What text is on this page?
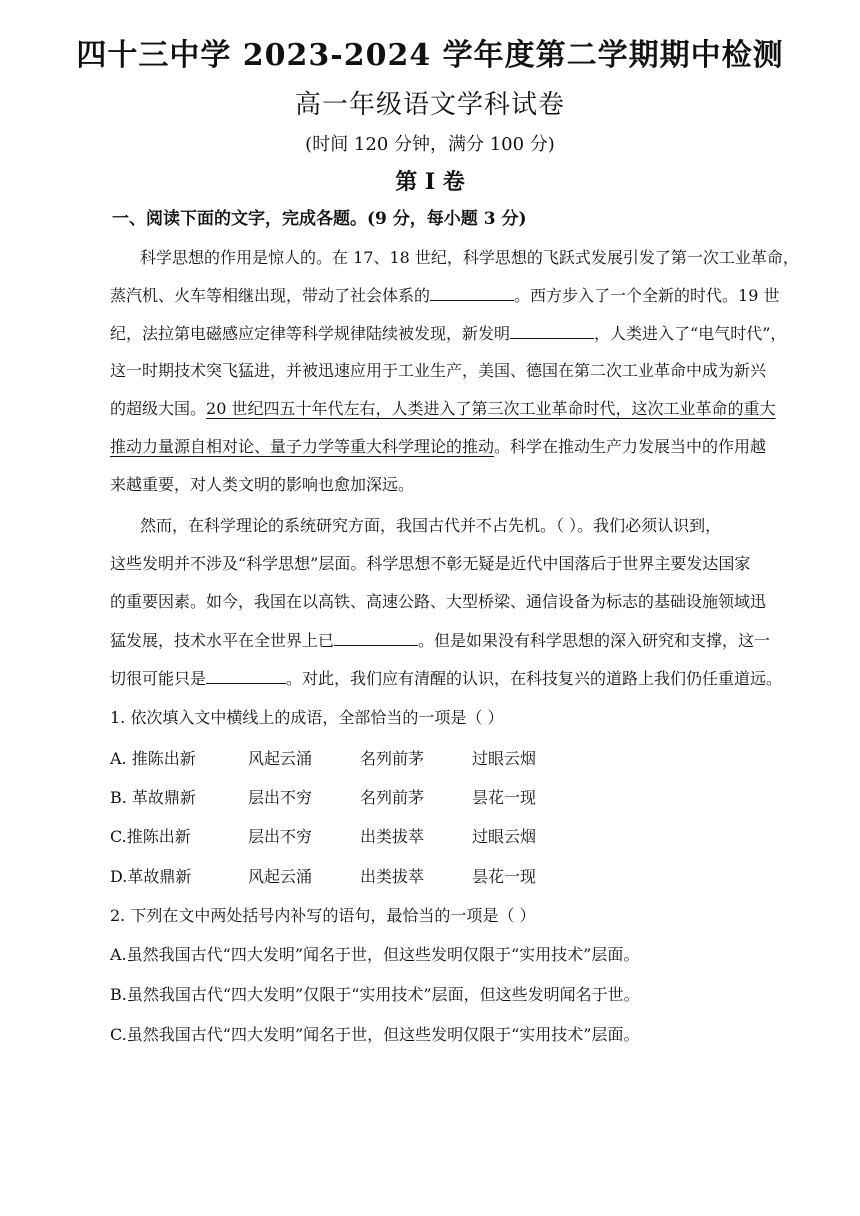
四十三中学 2023-2024 学年度第二学期期中检测
高一年级语文学科试卷
(时间 120 分钟，满分 100 分)
第 I 卷
一、阅读下面的文字，完成各题。(9 分，每小题 3 分)
科学思想的作用是惊人的。在 17、18 世纪，科学思想的飞跃式发展引发了第一次工业革命，
蒸汽机、火车等相继出现，带动了社会体系的	。西方步入了一个全新的时代。19 世
纪，法拉第电磁感应定律等科学规律陆续被发现，新发明	，人类进入了“电气时代”，
这一时期技术突飞猛进，并被迅速应用于工业生产，美国、德国在第二次工业革命中成为新兴
的超级大国。20 世纪四五十年代左右，人类进入了第三次工业革命时代，这次工业革命的重大
推动力量源自相对论、量子力学等重大科学理论的推动。科学在推动生产力发展当中的作用越
来越重要，对人类文明的影响也愈加深远。
然而，在科学理论的系统研究方面，我国古代并不占先机。（ ）。我们必须认识到，
这些发明并不涉及“科学思想”层面。科学思想不彰无疑是近代中国落后于世界主要发达国家
的重要因素。如今，我国在以高铁、高速公路、大型桥梁、通信设备为标志的基础设施领域迅
猛发展，技术水平在全世界上已	。但是如果没有科学思想的深入研究和支撑，这一
切很可能只是	。对此，我们应有清醒的认识，在科技复兴的道路上我们仍任重道远。
1. 依次填入文中横线上的成语，全部恰当的一项是（ ）
A. 推陈出新	风起云涌	名列前茅	过眼云烟
B. 革故鼎新	层出不穷	名列前茅	昙花一现
C.推陈出新	层出不穷	出类拔萃	过眼云烟
D.革故鼎新	风起云涌	出类拔萃	昙花一现
2. 下列在文中两处括号内补写的语句，最恰当的一项是（ ）
A.虽然我国古代“四大发明”闻名于世，但这些发明仅限于“实用技术”层面。
B.虽然我国古代“四大发明”仅限于“实用技术”层面，但这些发明闻名于世。
C.虽然我国古代“四大发明”闻名于世，但这些发明仅限于“实用技术”层面。
